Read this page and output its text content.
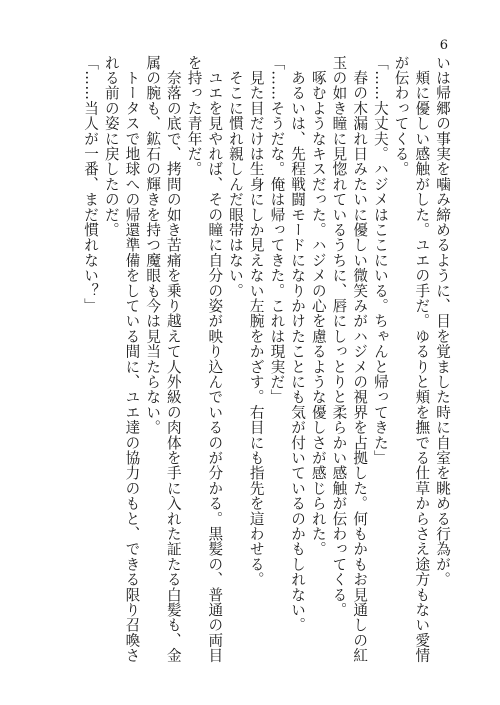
6

いは帰郷の事実を噛み締めるように、目を覚ました時に自室を眺める行為が。

　頬に優しい感触がした。ユエの手だ。ゆるりと頬を撫でる仕草からさえ途方もない愛情

が伝わってくる。

「……大丈夫。ハジメはここにいる。ちゃんと帰ってきた」

　春の木漏れ日みたいに優しい微笑みがハジメの視界を占拠した。何もかもお見通しの紅

玉の如き瞳に見惚れているうちに、唇にしっとりと柔らかい感触が伝わってくる。

　啄むようなキスだった。ハジメの心を慮るような優しさが感じられた。

　あるいは、先程戦闘モードになりかけたことにも気が付いているのかもしれない。

「……そうだな。俺は帰ってきた。これは現実だ」

　見た目だけは生身にしか見えない左腕をかざす。右目にも指先を這わせる。

　そこに慣れ親しんだ眼帯はない。

　ユエを見やれば、その瞳に自分の姿が映り込んでいるのが分かる。黒髪の、普通の両目

を持った青年だ。

　奈落の底で、拷問の如き苦痛を乗り越えて人外級の肉体を手に入れた証たる白髪も、金

属の腕も、鉱石の輝きを持つ魔眼も今は見当たらない。

　トータスで地球への帰還準備をしている間に、ユエ達の協力のもと、できる限り召喚さ

れる前の姿に戻したのだ。

「……当人が一番、まだ慣れない？」
